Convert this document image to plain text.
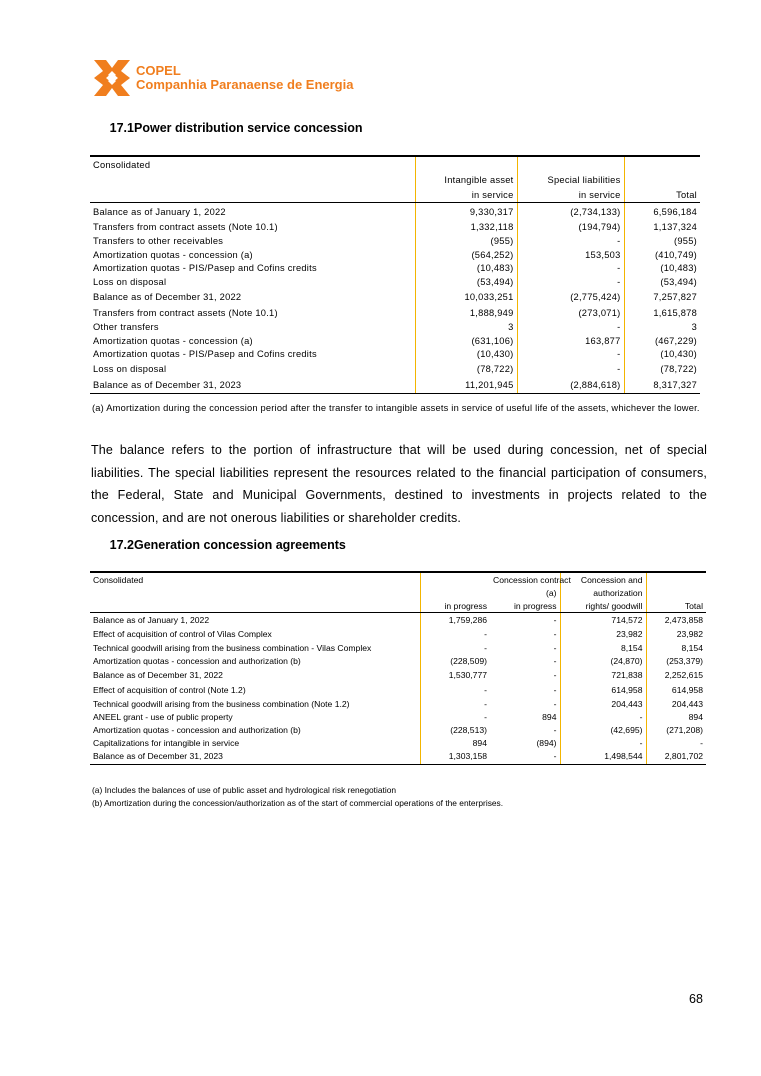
COPEL
Companhia Paranaense de Energia
17.1Power distribution service concession
Consolidated			
	Intangible asset	Special liabilities	
	in service	in service	Total
Balance as of January 1, 2022	9,330,317	(2,734,133)	6,596,184
Transfers from contract assets (Note 10.1)	1,332,118	(194,794)	1,137,324
Transfers to other receivables	(955)	-	(955)
Amortization quotas - concession (a)	(564,252)	153,503	(410,749)
Amortization quotas - PIS/Pasep and Cofins credits	(10,483)	-	(10,483)
Loss on disposal	(53,494)	-	(53,494)
Balance as of December 31, 2022	10,033,251	(2,775,424)	7,257,827
Transfers from contract assets (Note 10.1)	1,888,949	(273,071)	1,615,878
Other transfers	3	-	3
Amortization quotas - concession (a)	(631,106)	163,877	(467,229)
Amortization quotas - PIS/Pasep and Cofins credits	(10,430)	-	(10,430)
Loss on disposal	(78,722)	-	(78,722)
Balance as of December 31, 2023	11,201,945	(2,884,618)	8,317,327
(a) Amortization during the concession period after the transfer to intangible assets in service of useful life of the assets, whichever the lower.
The balance refers to the portion of infrastructure that will be used during concession, net of special liabilities. The special liabilities represent the resources related to the financial participation of consumers, the Federal, State and Municipal Governments, destined to investments in projects related to the concession, and are not onerous liabilities or shareholder credits.
17.2Generation concession agreements
Consolidated		Concession contract	Concession and	
		(a)	authorization	
	in progress	in progress	rights/ goodwill	Total
Balance as of January 1, 2022	1,759,286	-	714,572	2,473,858
Effect of acquisition of control of Vilas Complex	-	-	23,982	23,982
Technical goodwill arising from the business combination - Vilas Complex	-	-	8,154	8,154
Amortization quotas - concession and authorization (b)	(228,509)	-	(24,870)	(253,379)
Balance as of December 31, 2022	1,530,777	-	721,838	2,252,615
Effect of acquisition of control (Note 1.2)	-	-	614,958	614,958
Technical goodwill arising from the business combination (Note 1.2)	-	-	204,443	204,443
ANEEL grant - use of public property	-	894	-	894
Amortization quotas - concession and authorization (b)	(228,513)	-	(42,695)	(271,208)
Capitalizations for intangible in service	894	(894)	-	-
Balance as of December 31, 2023	1,303,158	-	1,498,544	2,801,702
(a) Includes the balances of use of public asset and hydrological risk renegotiation
(b) Amortization during the concession/authorization as of the start of commercial operations of the enterprises.
68
